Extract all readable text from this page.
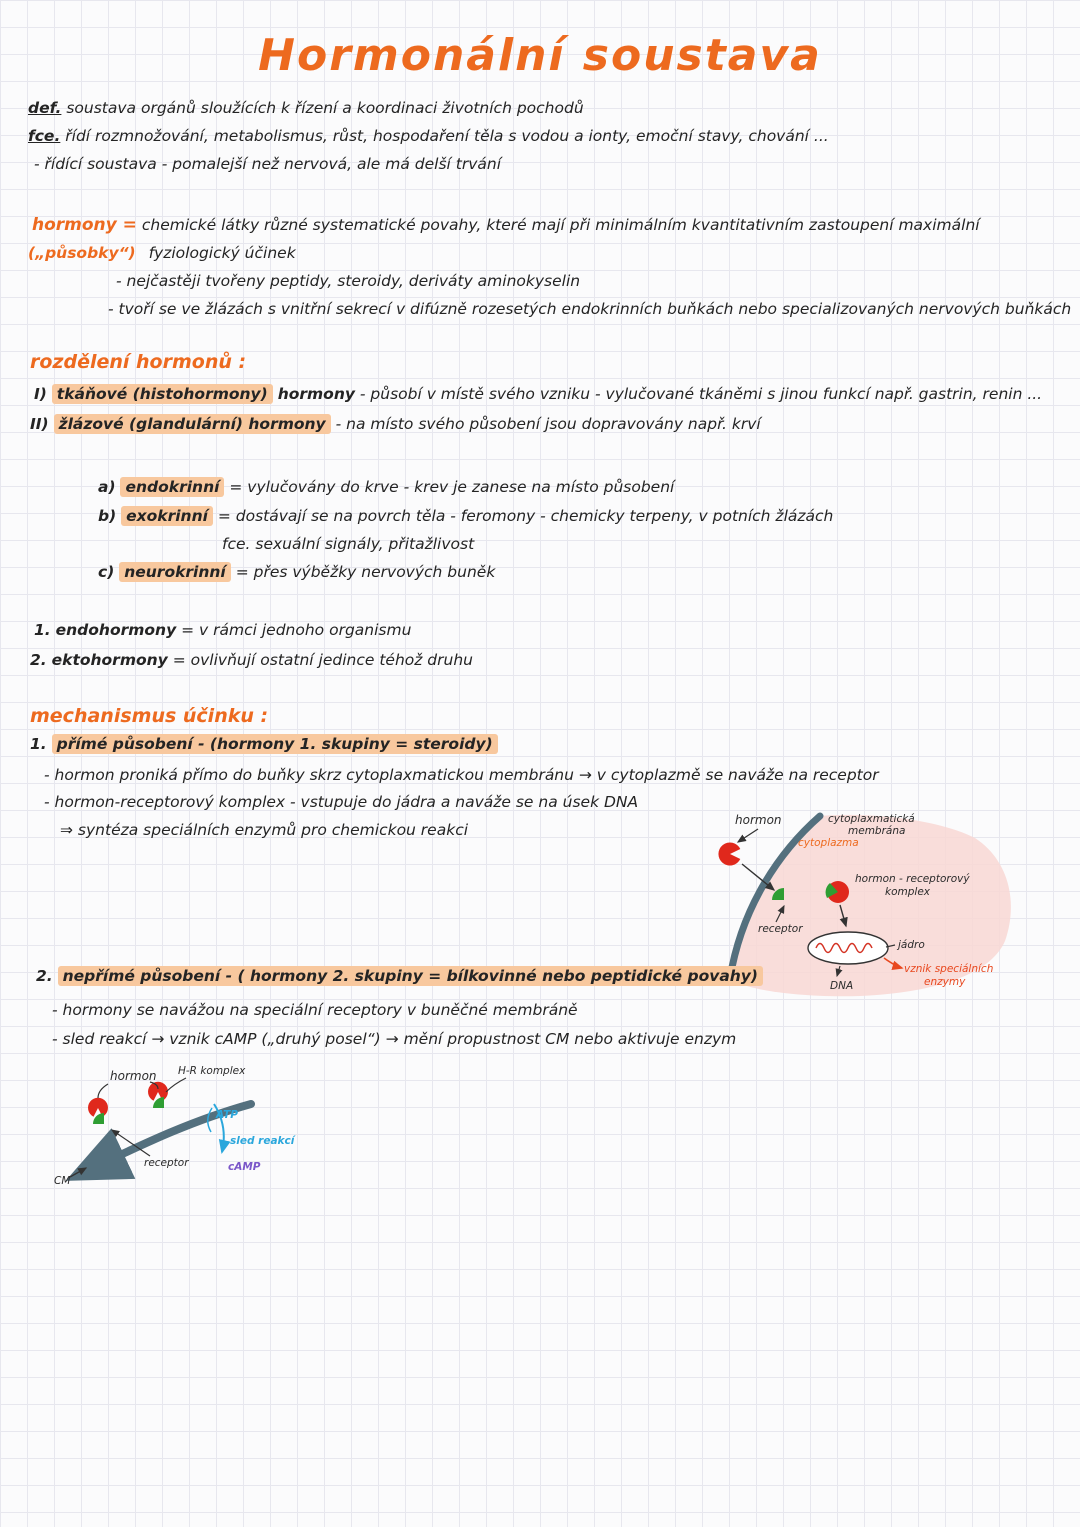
Hormonální soustava
def. soustava orgánů sloužících k řízení a koordinaci životních pochodů
fce. řídí rozmnožování, metabolismus, růst, hospodaření těla s vodou a ionty, emoční stavy, chování ...
- řídící soustava - pomalejší než nervová, ale má delší trvání
hormony = chemické látky různé systematické povahy, které mají při minimálním kvantitativním zastoupení maximální
(„působky“) fyziologický účinek
- nejčastěji tvořeny peptidy, steroidy, deriváty aminokyselin
- tvoří se ve žlázách s vnitřní sekrecí v difúzně rozesetých endokrinních buňkách nebo specializovaných nervových buňkách
rozdělení hormonů :
I) tkáňové (histohormony) hormony - působí v místě svého vzniku - vylučované tkáněmi s jinou funkcí např. gastrin, renin ...
II) žlázové (glandulární) hormony - na místo svého působení jsou dopravovány např. krví
a) endokrinní = vylučovány do krve - krev je zanese na místo působení
b) exokrinní = dostávají se na povrch těla - feromony - chemicky terpeny, v potních žlázách
fce. sexuální signály, přitažlivost
c) neurokrinní = přes výběžky nervových buněk
1. endohormony = v rámci jednoho organismu
2. ektohormony = ovlivňují ostatní jedince téhož druhu
mechanismus účinku :
1. přímé působení - (hormony 1. skupiny = steroidy)
- hormon proniká přímo do buňky skrz cytoplaxmatickou membránu → v cytoplazmě se naváže na receptor
- hormon-receptorový komplex - vstupuje do jádra a naváže se na úsek DNA
⇒ syntéza speciálních enzymů pro chemickou reakci
hormon	cytoplaxmatická
membrána
cytoplazma
receptor
hormon - receptorový
komplex
jádro
DNA
vznik speciálních
enzymy
2. nepřímé působení - ( hormony 2. skupiny = bílkovinné nebo peptidické povahy)
- hormony se navážou na speciální receptory v buněčné membráně
- sled reakcí → vznik cAMP („druhý posel“) → mění propustnost CM nebo aktivuje enzym
hormon H-R komplex
ATP
sled reakcí
cAMP
receptor
CM
